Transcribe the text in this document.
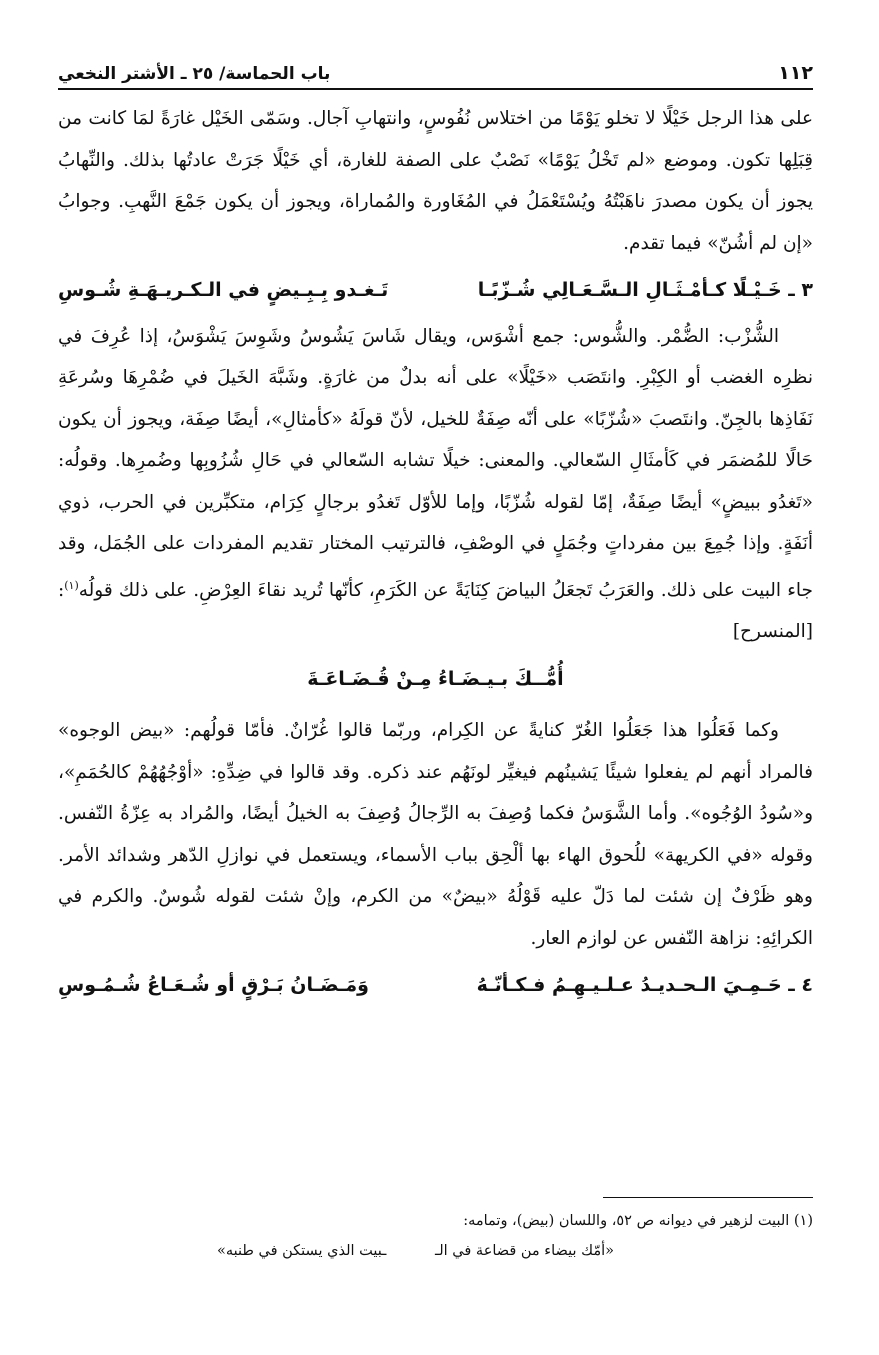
١١٢
باب الحماسة/ ٢٥ ـ الأشتر النخعي

على هذا الرجل خَيْلًا لا تخلو يَوْمًا من اختلاس نُفُوسٍ، وانتهابِ آجال. وسَمّى الخَيْل غارَةً لمَا كانت من قِبَلِها تكون. وموضع «لم تَخْلُ يَوْمًا» نَصْبٌ على الصفة للغارة، أي خَيْلًا جَرَتْ عادتُها بذلك. والنِّهابُ يجوز أن يكون مصدرَ ناهَبْتُهُ ويُسْتَعْمَلُ في المُغَاورة والمُماراة، ويجوز أن يكون جَمْعَ النَّهبِ. وجوابُ «إن لم أشُنّ» فيما تقدم.

٣ ـ خَـيْـلًا كـأمْـثَـالِ الـسَّـعَـالِي شُـزّبًـا
تَـغـدو بِـبِـيضٍ في الـكـريـهَـةِ شُـوسِ

الشُّزْب: الضُّمْر. والشُّوس: جمع أشْوَس، ويقال شَاسَ يَشُوسُ وشَوِسَ يَشْوَسُ، إذا عُرِفَ في نظرِه الغضب أو الكِبْرِ. وانتَصَب «خَيْلًا» على أنه بدلٌ من غارَةٍ. وشَبَّهَ الخَيلَ في ضُمْرِهَا وسُرعَةِ نَفَاذِها بالجِنّ. وانتَصبَ «شُزّبًا» على أنّه صِفَةٌ للخيل، لأنّ قولَهُ «كأمثالِ»، أيضًا صِفَة، ويجوز أن يكون حَالًا للمُضمَر في كَأمثَالِ السّعالي. والمعنى: خيلًا تشابه السّعالي في حَالِ شُزُوبِها وضُمرِها. وقولُه: «تَغدُو ببيضٍ» أيضًا صِفَةٌ، إمّا لقوله شُزّبًا، وإما للأوّل تَغدُو برجالٍ كِرَام، متكبِّرين في الحرب، ذوي أنَفَةٍ. وإذا جُمِعَ بين مفرداتٍ وجُمَلٍ في الوصْفِ، فالترتيب المختار تقديم المفردات على الجُمَل، وقد جاء البيت على ذلك. والعَرَبُ تَجعَلُ البياضَ كِنَايَةً عن الكَرَمِ، كأنّها تُريد نقاءَ العِرْضِ. على ذلك قولُه$^{(١)}$: [المنسرح]

أُمُّــكَ بـيـضَـاءُ مِـنْ قُـضَـاعَـةَ

وكما فَعَلُوا هذا جَعَلُوا الغُرّ كنايةً عن الكِرام، وربّما قالوا غُرّانٌ. فأمّا قولُهم: «بيض الوجوه» فالمراد أنهم لم يفعلوا شيئًا يَشينُهم فيغيِّر لونَهُم عند ذكره. وقد قالوا في ضِدِّهِ: «أوْجُهُهُمْ كالحُمَمِ»، و«سُودُ الوُجُوه». وأما الشَّوَسُ فكما وُصِفَ به الرِّجالُ وُصِفَ به الخيلُ أيضًا، والمُراد به عِزّةُ النّفس. وقوله «في الكريهة» للُحوق الهاء بها ألْحِق بباب الأسماء، ويستعمل في نوازلِ الدّهر وشدائد الأمر. وهو ظَرْفٌ إن شئت لما دَلّ عليه قَوْلُهُ «بيضٌ» من الكرم، وإنْ شئت لقوله شُوسٌ. والكرم في الكرائِهِ: نزاهة النّفس عن لوازم العار.

٤ ـ حَـمِـيَ الـحـديـدُ عـلـيـهِـمُ فـكـأنّـهُ
وَمَـضَـانُ بَـرْقٍ أو شُـعَـاعُ شُـمُـوسِ
(١) البيت لزهير في ديوانه ص ٥٢، واللسان (بيض)، وتمامه:
«أمّك بيضاء من قضاعة في الـ ـبيت الذي يستكن في طنبه»
